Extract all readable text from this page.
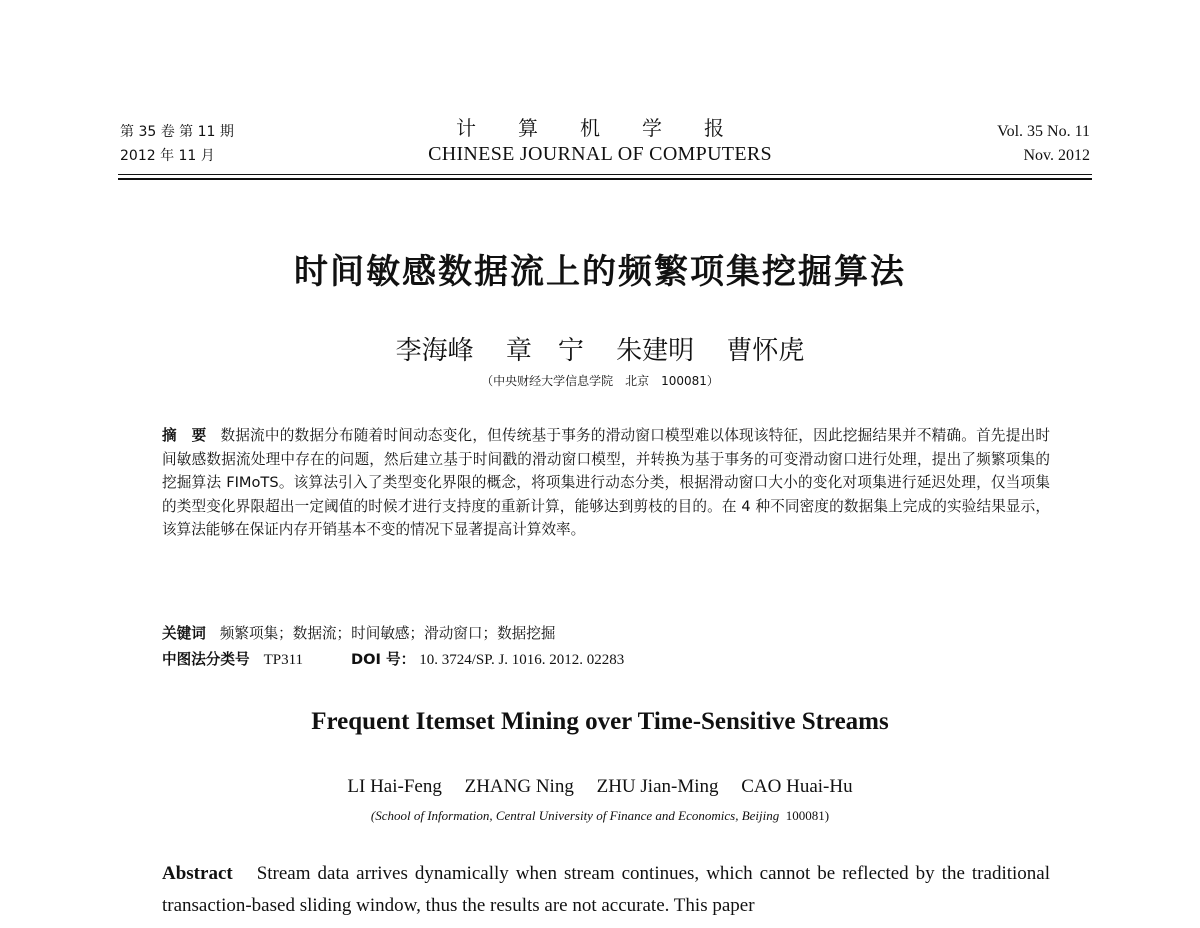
第 35 卷 第 11 期
2012 年 11 月
计算机学报
CHINESE JOURNAL OF COMPUTERS
Vol. 35 No. 11
Nov. 2012
时间敏感数据流上的频繁项集挖掘算法
李海峰 章　宁 朱建明 曹怀虎
（中央财经大学信息学院　北京　100081）
摘　要 数据流中的数据分布随着时间动态变化，但传统基于事务的滑动窗口模型难以体现该特征，因此挖掘结果并不精确。首先提出时间敏感数据流处理中存在的问题，然后建立基于时间戳的滑动窗口模型，并转换为基于事务的可变滑动窗口进行处理，提出了频繁项集的挖掘算法 FIMoTS。该算法引入了类型变化界限的概念，将项集进行动态分类，根据滑动窗口大小的变化对项集进行延迟处理，仅当项集的类型变化界限超出一定阈值的时候才进行支持度的重新计算，能够达到剪枝的目的。在 4 种不同密度的数据集上完成的实验结果显示，该算法能够在保证内存开销基本不变的情况下显著提高计算效率。
关键词 频繁项集；数据流；时间敏感；滑动窗口；数据挖掘
中图法分类号 TP311	DOI 号： 10. 3724/SP. J. 1016. 2012. 02283
Frequent Itemset Mining over Time-Sensitive Streams
LI Hai-Feng ZHANG Ning ZHU Jian-Ming CAO Huai-Hu
(School of Information, Central University of Finance and Economics, Beijing 100081)
Abstract Stream data arrives dynamically when stream continues, which cannot be reflected by the traditional transaction-based sliding window, thus the results are not accurate. This paper
